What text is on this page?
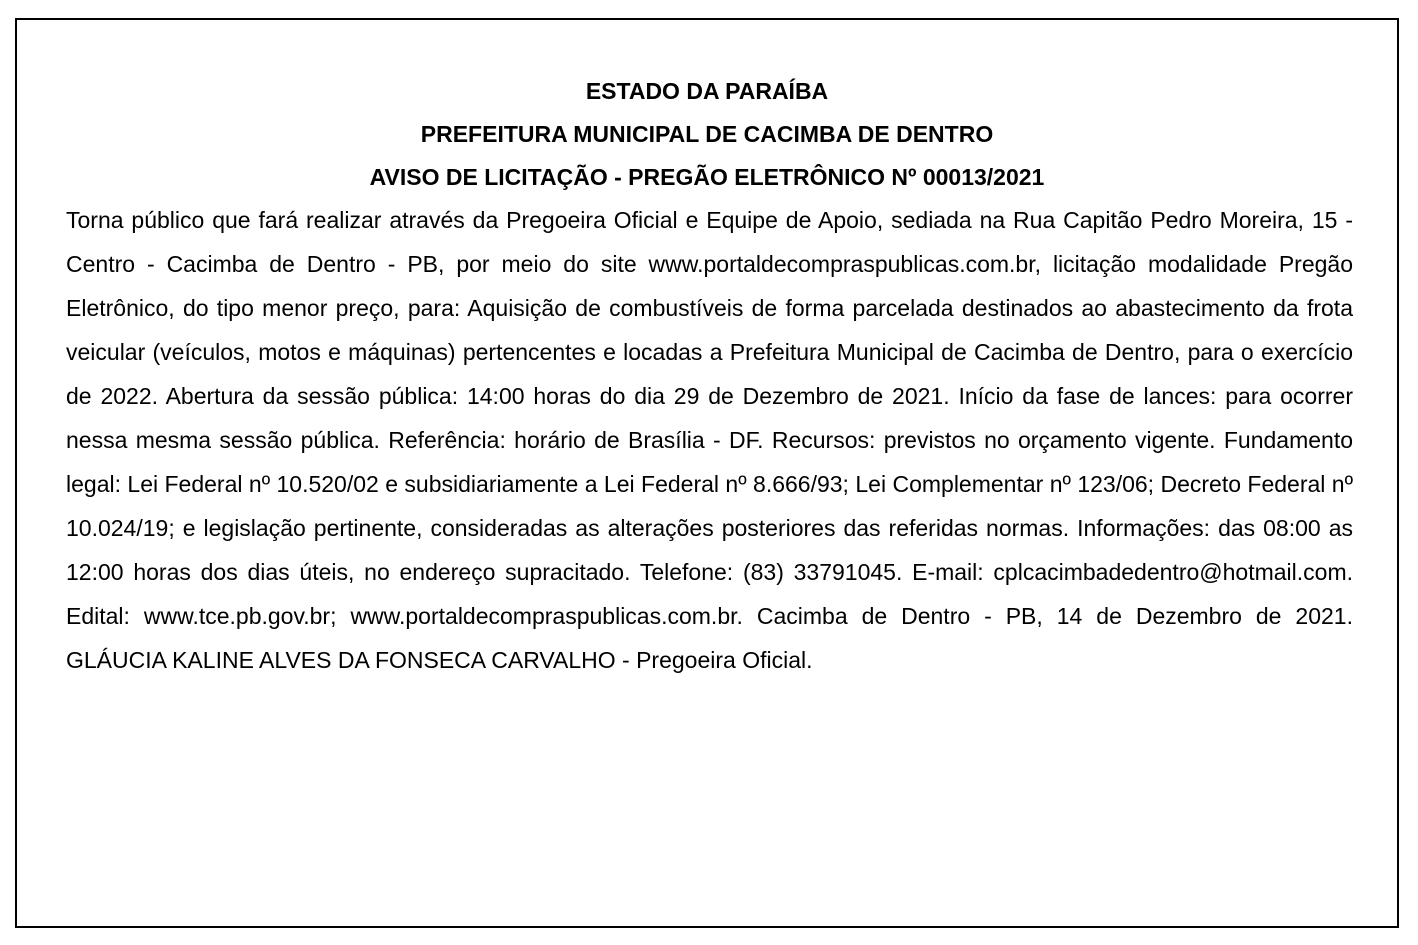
ESTADO DA PARAÍBA
PREFEITURA MUNICIPAL DE CACIMBA DE DENTRO
AVISO DE LICITAÇÃO - PREGÃO ELETRÔNICO Nº 00013/2021
Torna público que fará realizar através da Pregoeira Oficial e Equipe de Apoio, sediada na Rua Capitão Pedro Moreira, 15 - Centro - Cacimba de Dentro - PB, por meio do site www.portaldecompraspublicas.com.br, licitação modalidade Pregão Eletrônico, do tipo menor preço, para: Aquisição de combustíveis de forma parcelada destinados ao abastecimento da frota veicular (veículos, motos e máquinas) pertencentes e locadas a Prefeitura Municipal de Cacimba de Dentro, para o exercício de 2022. Abertura da sessão pública: 14:00 horas do dia 29 de Dezembro de 2021. Início da fase de lances: para ocorrer nessa mesma sessão pública. Referência: horário de Brasília - DF. Recursos: previstos no orçamento vigente. Fundamento legal: Lei Federal nº 10.520/02 e subsidiariamente a Lei Federal nº 8.666/93; Lei Complementar nº 123/06; Decreto Federal nº 10.024/19; e legislação pertinente, consideradas as alterações posteriores das referidas normas. Informações: das 08:00 as 12:00 horas dos dias úteis, no endereço supracitado. Telefone: (83) 33791045. E-mail: cplcacimbadedentro@hotmail.com. Edital: www.tce.pb.gov.br; www.portaldecompraspublicas.com.br. Cacimba de Dentro - PB, 14 de Dezembro de 2021. GLÁUCIA KALINE ALVES DA FONSECA CARVALHO - Pregoeira Oficial.
